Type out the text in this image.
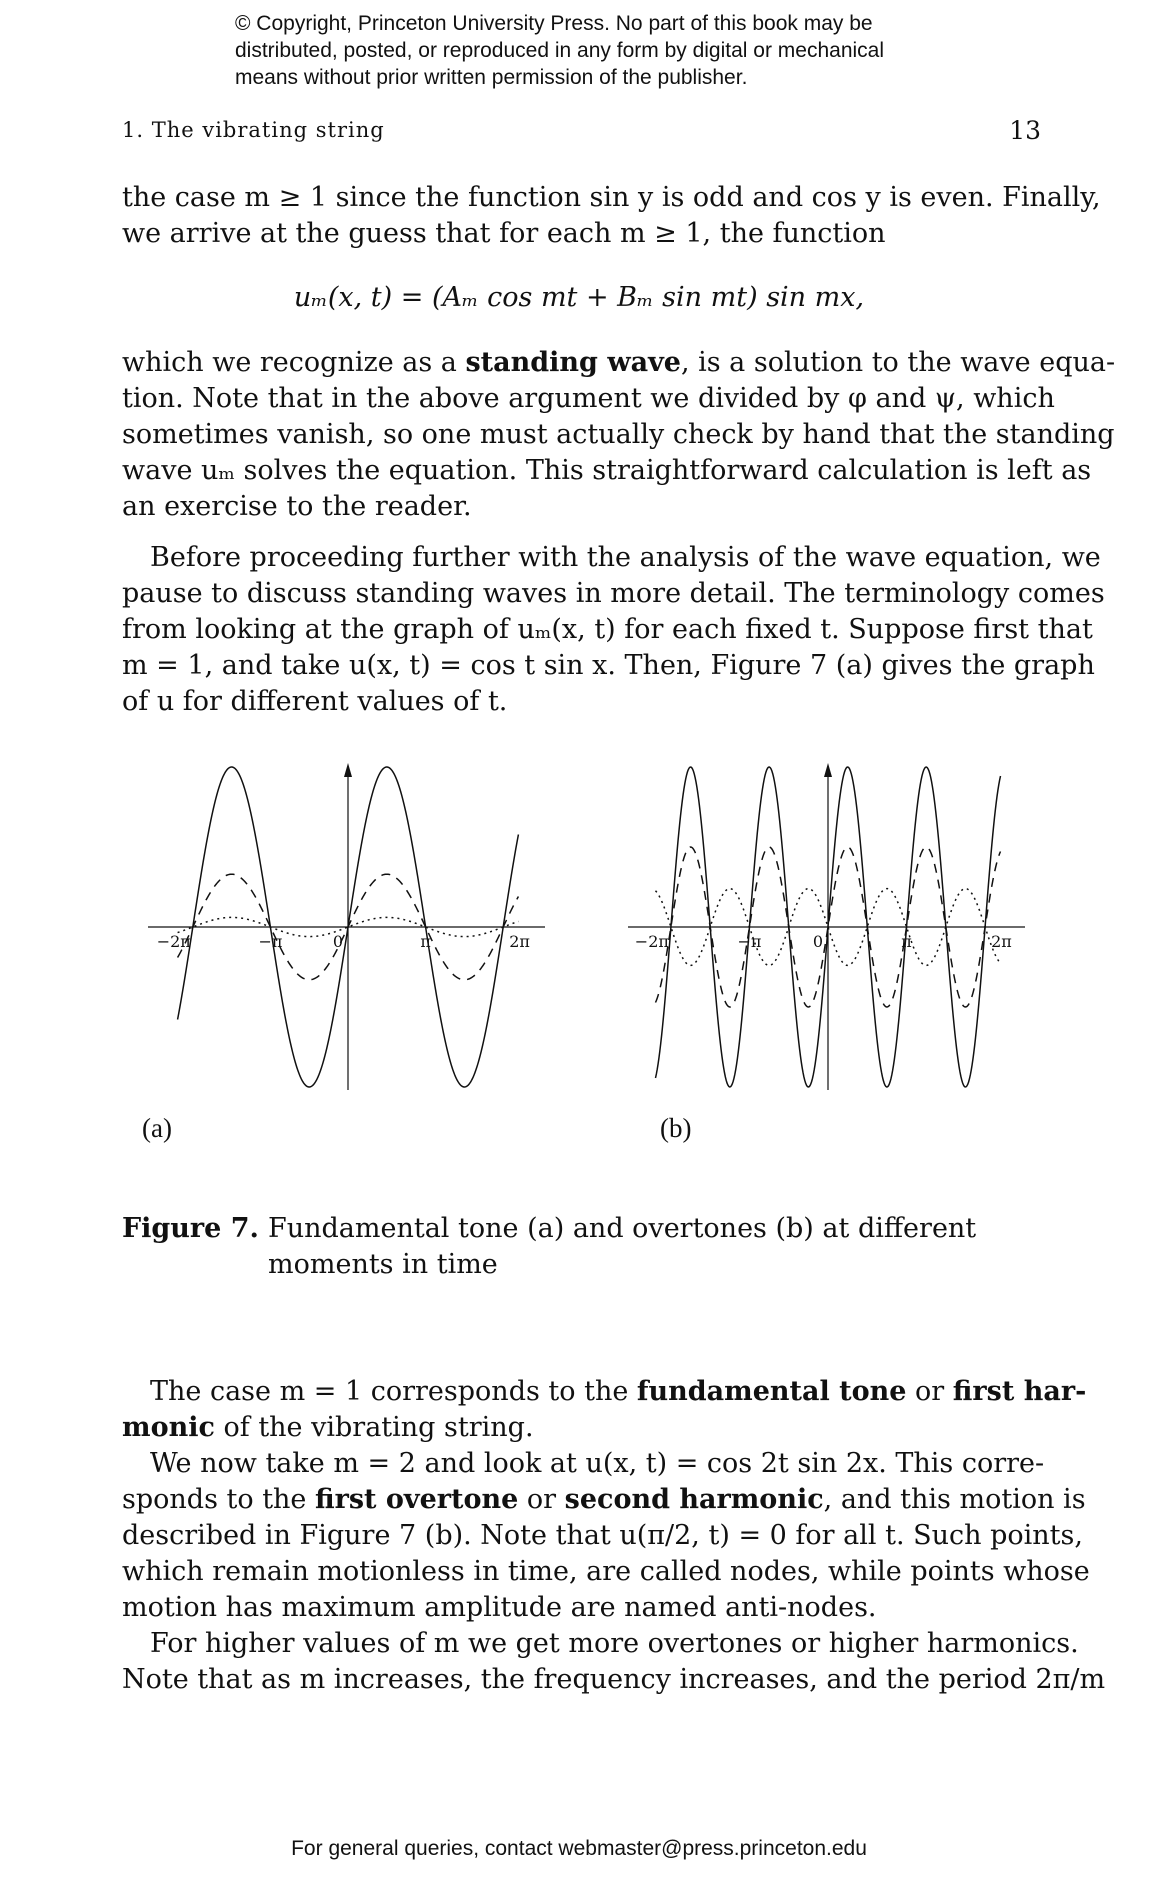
© Copyright, Princeton University Press. No part of this book may be
distributed, posted, or reproduced in any form by digital or mechanical
means without prior written permission of the publisher.
1. The vibrating string	13
the case m ≥ 1 since the function sin y is odd and cos y is even. Finally,
we arrive at the guess that for each m ≥ 1, the function
uₘ(x, t) = (Aₘ cos mt + Bₘ sin mt) sin mx,
which we recognize as a standing wave, is a solution to the wave equa-
tion. Note that in the above argument we divided by φ and ψ, which
sometimes vanish, so one must actually check by hand that the standing
wave uₘ solves the equation. This straightforward calculation is left as
an exercise to the reader.
Before proceeding further with the analysis of the wave equation, we
pause to discuss standing waves in more detail. The terminology comes
from looking at the graph of uₘ(x, t) for each fixed t. Suppose first that
m = 1, and take u(x, t) = cos t sin x. Then, Figure 7 (a) gives the graph
of u for different values of t.
−2π	−π	0	π	2π	−2π	−π	0	π	2π
(a)	(b)
Figure 7. Fundamental tone (a) and overtones (b) at different moments in time
The case m = 1 corresponds to the fundamental tone or first har-
monic of the vibrating string.
We now take m = 2 and look at u(x, t) = cos 2t sin 2x. This corre-
sponds to the first overtone or second harmonic, and this motion is
described in Figure 7 (b). Note that u(π/2, t) = 0 for all t. Such points,
which remain motionless in time, are called nodes, while points whose
motion has maximum amplitude are named anti-nodes.
For higher values of m we get more overtones or higher harmonics.
Note that as m increases, the frequency increases, and the period 2π/m
For general queries, contact webmaster@press.princeton.edu
